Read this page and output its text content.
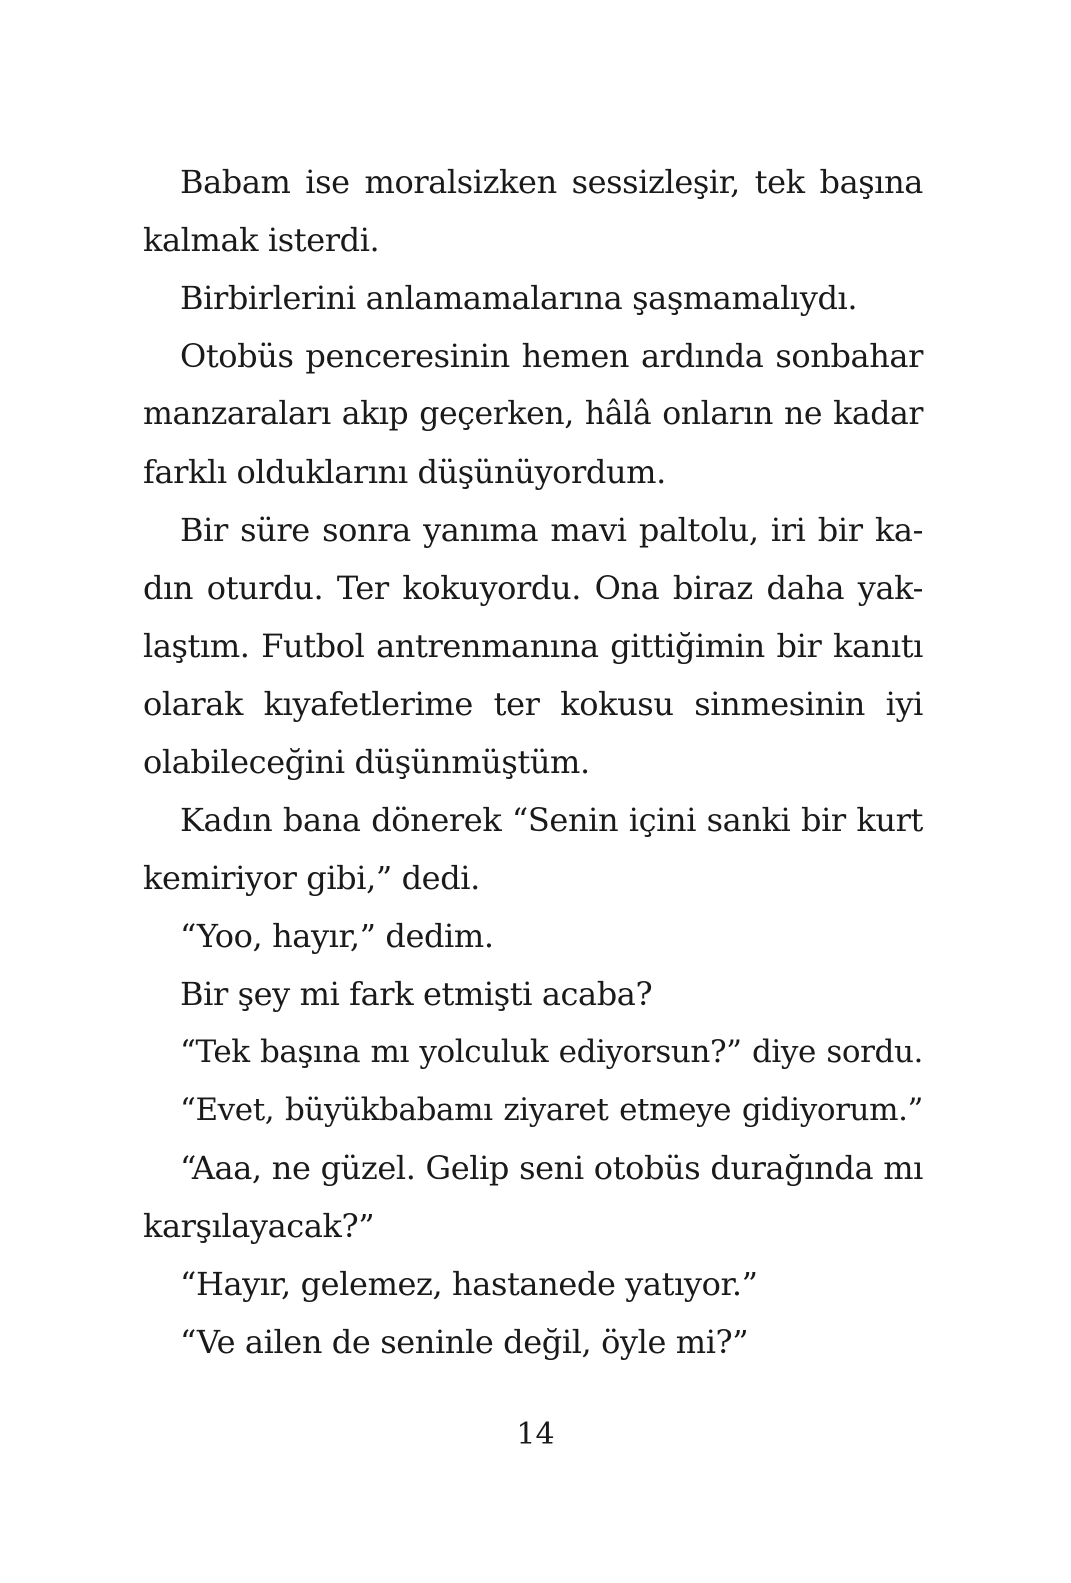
Babam ise moralsizken sessizleşir, tek başına
kalmak isterdi.
Birbirlerini anlamamalarına şaşmamalıydı.
Otobüs penceresinin hemen ardında sonbahar
manzaraları akıp geçerken, hâlâ onların ne kadar
farklı olduklarını düşünüyordum.
Bir süre sonra yanıma mavi paltolu, iri bir ka-
dın oturdu. Ter kokuyordu. Ona biraz daha yak-
laştım. Futbol antrenmanına gittiğimin bir kanıtı
olarak kıyafetlerime ter kokusu sinmesinin iyi
olabileceğini düşünmüştüm.
Kadın bana dönerek “Senin içini sanki bir kurt
kemiriyor gibi,” dedi.
“Yoo, hayır,” dedim.
Bir şey mi fark etmişti acaba?
“Tek başına mı yolculuk ediyorsun?” diye sordu.
“Evet, büyükbabamı ziyaret etmeye gidiyorum.”
“Aaa, ne güzel. Gelip seni otobüs durağında mı
karşılayacak?”
“Hayır, gelemez, hastanede yatıyor.”
“Ve ailen de seninle değil, öyle mi?”
14
